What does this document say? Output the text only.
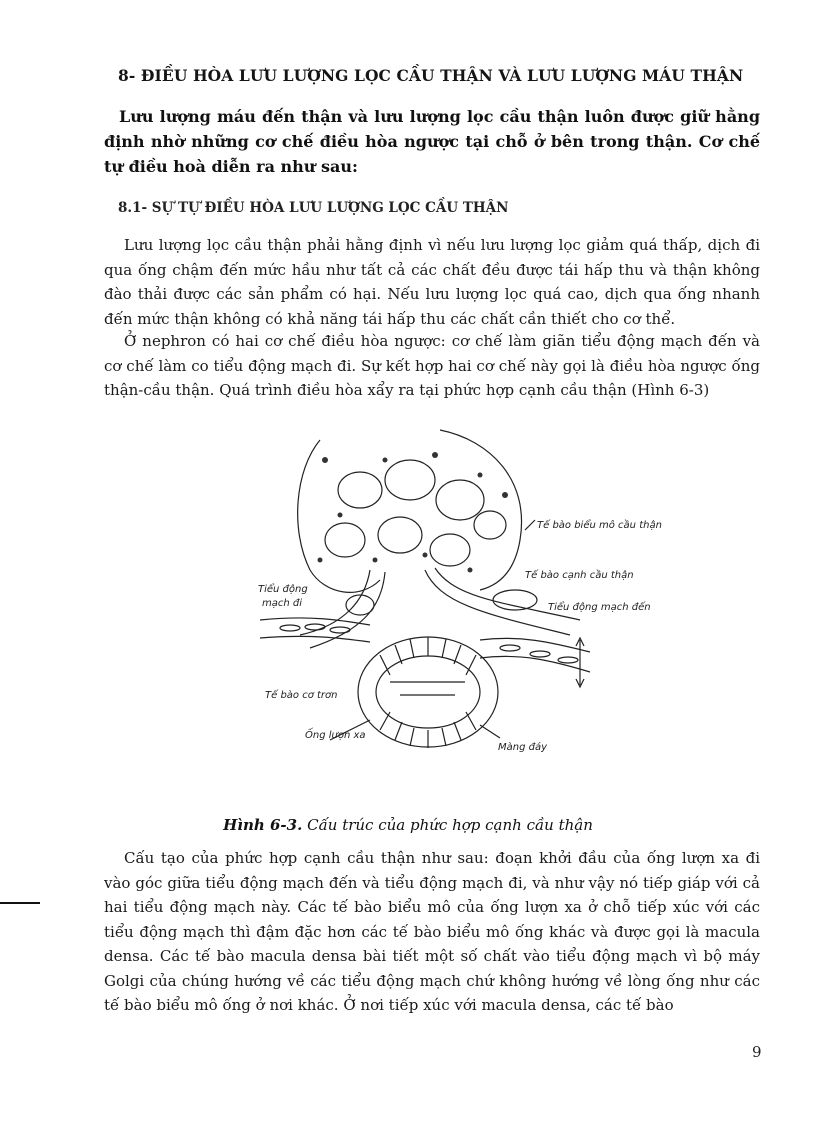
8- ĐIỀU HÒA LƯU LƯỢNG LỌC CẦU THẬN VÀ LƯU LƯỢNG MÁU THẬN
Lưu lượng máu đến thận và lưu lượng lọc cầu thận luôn được giữ hằng định nhờ những cơ chế điều hòa ngược tại chỗ ở bên trong thận. Cơ chế tự điều hoà diễn ra như sau:
8.1- SỰ TỰ ĐIỀU HÒA LƯU LƯỢNG LỌC CẦU THẬN
Lưu lượng lọc cầu thận phải hằng định vì nếu lưu lượng lọc giảm quá thấp, dịch đi qua ống chậm đến mức hầu như tất cả các chất đều được tái hấp thu và thận không đào thải được các sản phẩm có hại. Nếu lưu lượng lọc quá cao, dịch qua ống nhanh đến mức thận không có khả năng tái hấp thu các chất cần thiết cho cơ thể.
Ở nephron có hai cơ chế điều hòa ngược: cơ chế làm giãn tiểu động mạch đến và cơ chế làm co tiểu động mạch đi. Sự kết hợp hai cơ chế này gọi là điều hòa ngược ống thận-cầu thận. Quá trình điều hòa xẩy ra tại phức hợp cạnh cầu thận (Hình 6-3)
Tế bào biểu mô cầu thận
Tế bào cạnh cầu thận
Tiểu động mạch đến
Tiểu động
mạch đi
Tế bào cơ trơn
Ống lượn xa
Màng đáy
Hình 6-3. Cấu trúc của phức hợp cạnh cầu thận
Cấu tạo của phức hợp cạnh cầu thận như sau: đoạn khởi đầu của ống lượn xa đi vào góc giữa tiểu động mạch đến và tiểu động mạch đi, và như vậy nó tiếp giáp với cả hai tiểu động mạch này. Các tế bào biểu mô của ống lượn xa ở chỗ tiếp xúc với các tiểu động mạch thì đậm đặc hơn các tế bào biểu mô ống khác và được gọi là macula densa. Các tế bào macula densa bài tiết một số chất vào tiểu động mạch vì bộ máy Golgi của chúng hướng về các tiểu động mạch chứ không hướng về lòng ống như các tế bào biểu mô ống ở nơi khác. Ở nơi tiếp xúc với macula densa, các tế bào
9
